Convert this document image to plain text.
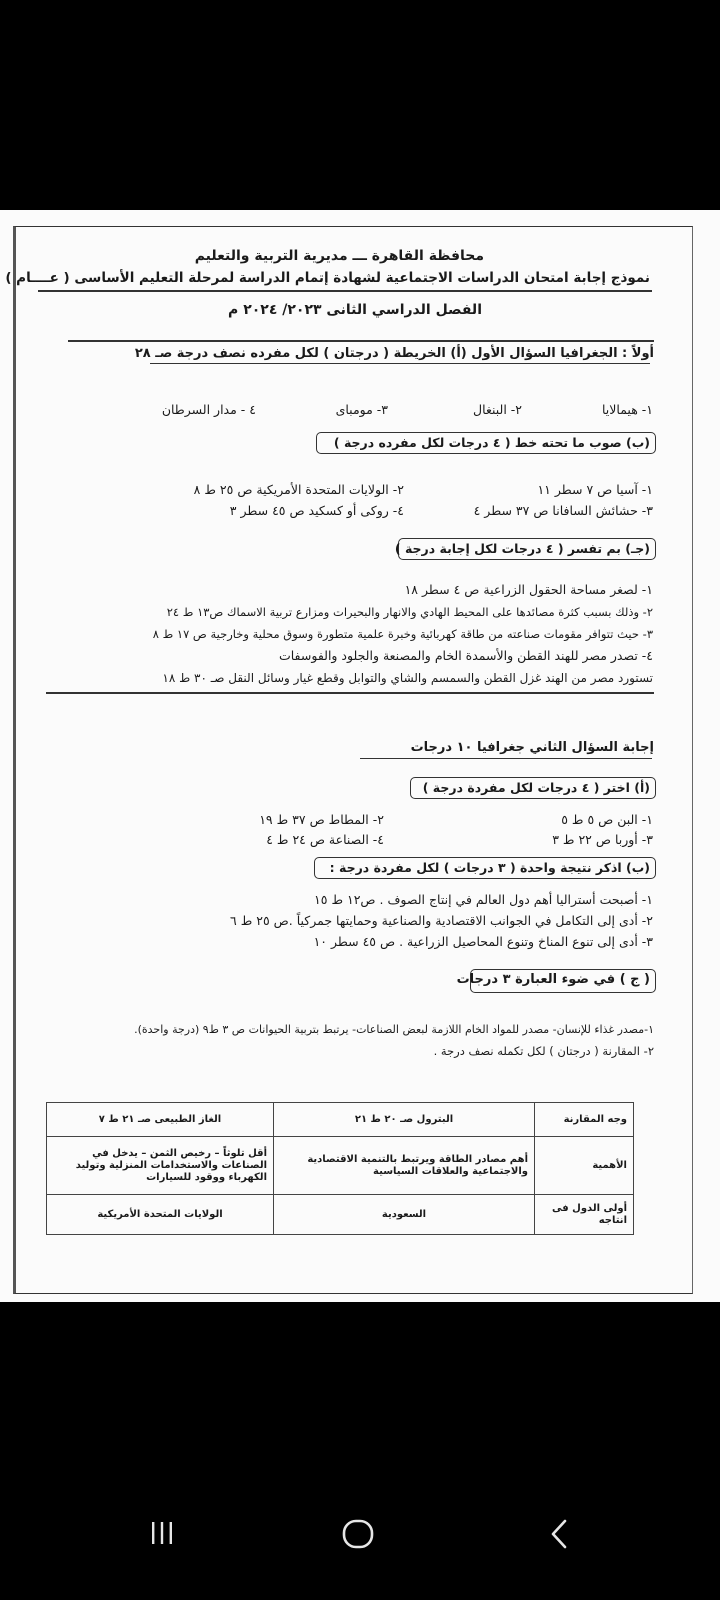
محافظة القاهرة ـــ مديرية التربية والتعليم
نموذج إجابة امتحان الدراسات الاجتماعية لشهادة إتمام الدراسة لمرحلة التعليم الأساسى ( عــــام )
الفصل الدراسي الثانى ٢٠٢٣/ ٢٠٢٤ م
أولاً : الجغرافيا السؤال الأول (أ) الخريطة ( درجتان ) لكل مفرده نصف درجة صـ ٢٨
١- هيمالايا
٢- البنغال
٣- مومباى
٤ - مدار السرطان
(ب) صوب ما تحته خط ( ٤ درجات لكل مفرده درجة )
١- آسيا ص ٧ سطر ١١
٢- الولايات المتحدة الأمريكية ص ٢٥ ط ٨
٣- حشائش السافانا ص ٣٧ سطر ٤
٤- روكى أو كسكيد ص ٤٥ سطر ٣
(جـ) بم تفسر ( ٤ درجات لكل إجابة درجة )
١- لصغر مساحة الحقول الزراعية ص ٤ سطر ١٨
٢- وذلك بسبب كثرة مصائدها على المحيط الهادي والانهار والبحيرات ومزارع تربية الاسماك ص١٣ ط ٢٤
٣- حيث تتوافر مقومات صناعته من طاقة كهربائية وخبرة علمية متطورة وسوق محلية وخارجية ص ١٧ ط ٨
٤- تصدر مصر للهند القطن والأسمدة الخام والمصنعة والجلود والفوسفات
تستورد مصر من الهند غزل القطن والسمسم والشاي والتوابل وقطع غيار وسائل النقل صـ ٣٠ ط ١٨
إجابة السؤال الثاني جغرافيا ١٠ درجات
(أ) اختر ( ٤ درجات لكل مفردة درجة )
١- البن ص ٥ ط ٥
٢- المطاط ص ٣٧ ط ١٩
٣- أوربا ص ٢٢ ط ٣
٤- الصناعة ص ٢٤ ط ٤
(ب) اذكر نتيجة واحدة ( ٣ درجات ) لكل مفردة درجة :
١- أصبحت أستراليا أهم دول العالم في إنتاج الصوف . ص١٢ ط ١٥
٢- أدى إلى التكامل في الجوانب الاقتصادية والصناعية وحمايتها جمركياً .ص ٢٥ ط ٦
٣- أدى إلى تنوع المناخ وتنوع المحاصيل الزراعية . ص ٤٥ سطر ١٠
( ج ) في ضوء العبارة ٣ درجات
١-مصدر غذاء للإنسان- مصدر للمواد الخام اللازمة لبعض الصناعات- يرتبط بتربية الحيوانات ص ٣ ط٩ (درجة واحدة).
٢- المقارنة ( درجتان ) لكل تكمله نصف درجة .
وجه المقارنة	البترول صـ ٢٠ ط ٢١	الغاز الطبيعى صـ ٢١ ط ٧
الأهمية	أهم مصادر الطاقة ويرتبط بالتنمية الاقتصادية والاجتماعية والعلاقات السياسية	أقل تلوثاً – رخيص الثمن – يدخل في الصناعات والاستخدامات المنزلية وتوليد الكهرباء ووقود للسيارات
أولى الدول فى انتاجه	السعودية	الولايات المتحدة الأمريكية
